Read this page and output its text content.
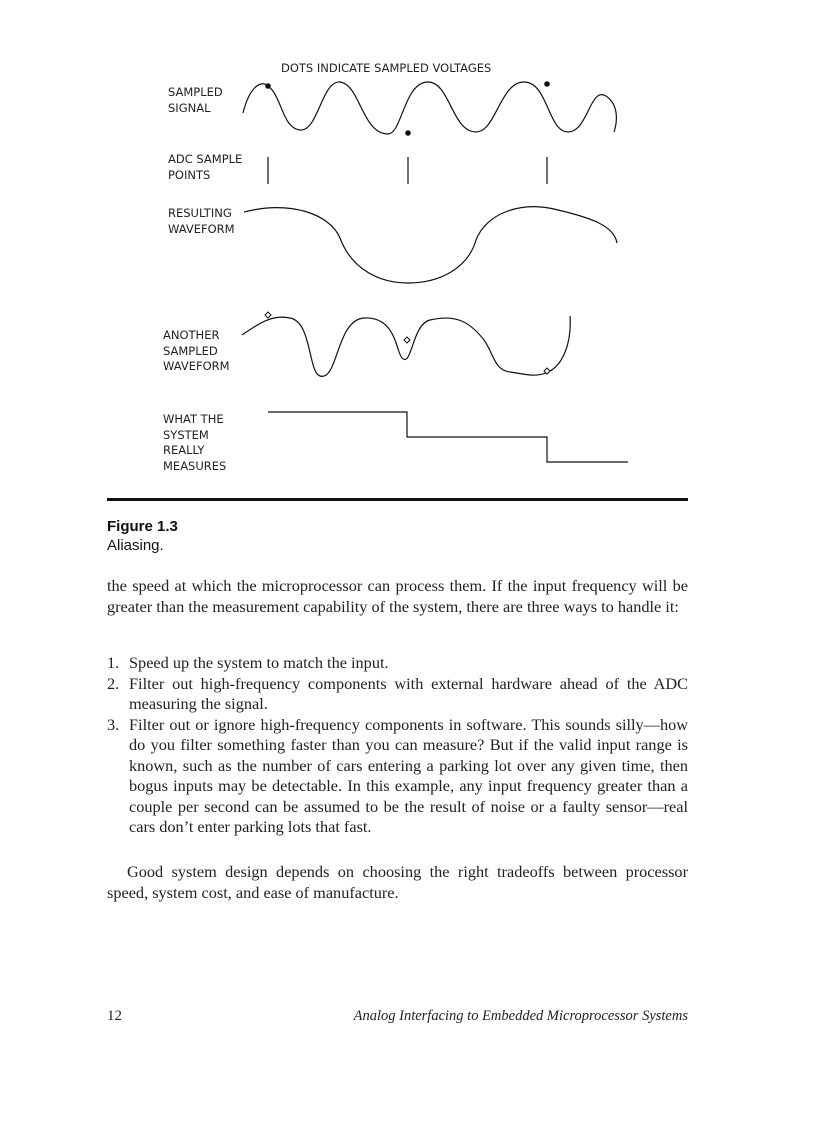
DOTS INDICATE SAMPLED VOLTAGES
SAMPLED
SIGNAL
ADC SAMPLE
POINTS
RESULTING
WAVEFORM
ANOTHER
SAMPLED
WAVEFORM
WHAT THE
SYSTEM
REALLY
MEASURES
Figure 1.3
Aliasing.
the speed at which the microprocessor can process them. If the input frequency will be greater than the measurement capability of the system, there are three ways to handle it:
1. Speed up the system to match the input.
2. Filter out high-frequency components with external hardware ahead of the ADC measuring the signal.
3. Filter out or ignore high-frequency components in software. This sounds silly—how do you filter something faster than you can measure? But if the valid input range is known, such as the number of cars entering a parking lot over any given time, then bogus inputs may be detectable. In this example, any input frequency greater than a couple per second can be assumed to be the result of noise or a faulty sensor—real cars don’t enter parking lots that fast.
Good system design depends on choosing the right tradeoffs between processor speed, system cost, and ease of manufacture.
12	Analog Interfacing to Embedded Microprocessor Systems
